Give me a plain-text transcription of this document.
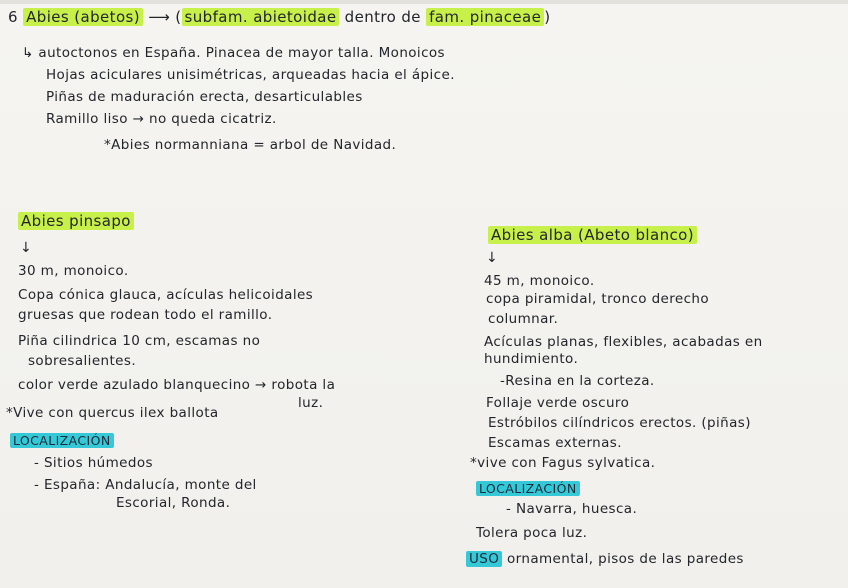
6 Abies (abetos) ⟶ ( subfam. abietoidae dentro de fam. pinaceae )
↳ autoctonos en España. Pinacea de mayor talla. Monoicos
Hojas aciculares unisimétricas, arqueadas hacia el ápice.
Piñas de maduración erecta, desarticulables
Ramillo liso → no queda cicatriz.
*Abies normanniana = arbol de Navidad.
Abies pinsapo
↓
30 m, monoico.
Copa cónica glauca, acículas helicoidales
gruesas que rodean todo el ramillo.
Piña cilindrica 10 cm, escamas no
sobresalientes.
color verde azulado blanquecino → robota la
luz.
*Vive con quercus ilex ballota
LOCALIZACIÓN
- Sitios húmedos
- España: Andalucía, monte del
Escorial, Ronda.
Abies alba (Abeto blanco)
↓
45 m, monoico.
copa piramidal, tronco derecho
columnar.
Acículas planas, flexibles, acabadas en
hundimiento.
-Resina en la corteza.
Follaje verde oscuro
Estróbilos cilíndricos erectos. (piñas)
Escamas externas.
*vive con Fagus sylvatica.
LOCALIZACIÓN
- Navarra, huesca.
Tolera poca luz.
USO ornamental, pisos de las paredes
